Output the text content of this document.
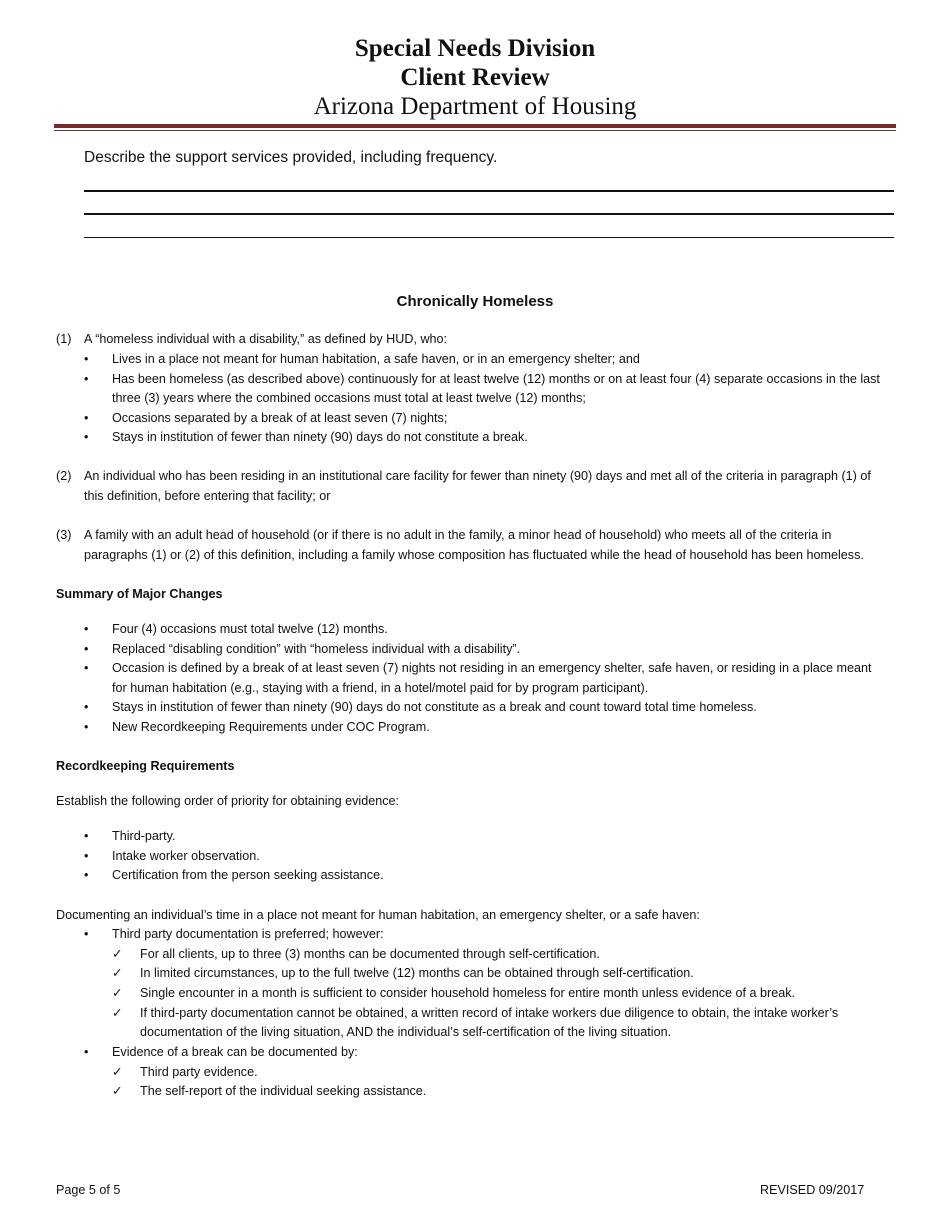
Special Needs Division
Client Review
Arizona Department of Housing
Describe the support services provided, including frequency.
Chronically Homeless
(1) A “homeless individual with a disability,” as defined by HUD, who:
• Lives in a place not meant for human habitation, a safe haven, or in an emergency shelter; and
• Has been homeless (as described above) continuously for at least twelve (12) months or on at least four (4) separate occasions in the last
three (3) years where the combined occasions must total at least twelve (12) months;
• Occasions separated by a break of at least seven (7) nights;
• Stays in institution of fewer than ninety (90) days do not constitute a break.
(2) An individual who has been residing in an institutional care facility for fewer than ninety (90) days and met all of the criteria in paragraph (1) of
this definition, before entering that facility; or
(3) A family with an adult head of household (or if there is no adult in the family, a minor head of household) who meets all of the criteria in
paragraphs (1) or (2) of this definition, including a family whose composition has fluctuated while the head of household has been homeless.
Summary of Major Changes
• Four (4) occasions must total twelve (12) months.
• Replaced “disabling condition” with “homeless individual with a disability”.
• Occasion is defined by a break of at least seven (7) nights not residing in an emergency shelter, safe haven, or residing in a place meant
for human habitation (e.g., staying with a friend, in a hotel/motel paid for by program participant).
• Stays in institution of fewer than ninety (90) days do not constitute as a break and count toward total time homeless.
• New Recordkeeping Requirements under COC Program.
Recordkeeping Requirements
Establish the following order of priority for obtaining evidence:
• Third-party.
• Intake worker observation.
• Certification from the person seeking assistance.
Documenting an individual’s time in a place not meant for human habitation, an emergency shelter, or a safe haven:
• Third party documentation is preferred; however:
✓ For all clients, up to three (3) months can be documented through self-certification.
✓ In limited circumstances, up to the full twelve (12) months can be obtained through self-certification.
✓ Single encounter in a month is sufficient to consider household homeless for entire month unless evidence of a break.
✓ If third-party documentation cannot be obtained, a written record of intake workers due diligence to obtain, the intake worker’s
documentation of the living situation, AND the individual’s self-certification of the living situation.
• Evidence of a break can be documented by:
✓ Third party evidence.
✓ The self-report of the individual seeking assistance.
Page 5 of 5	REVISED 09/2017
